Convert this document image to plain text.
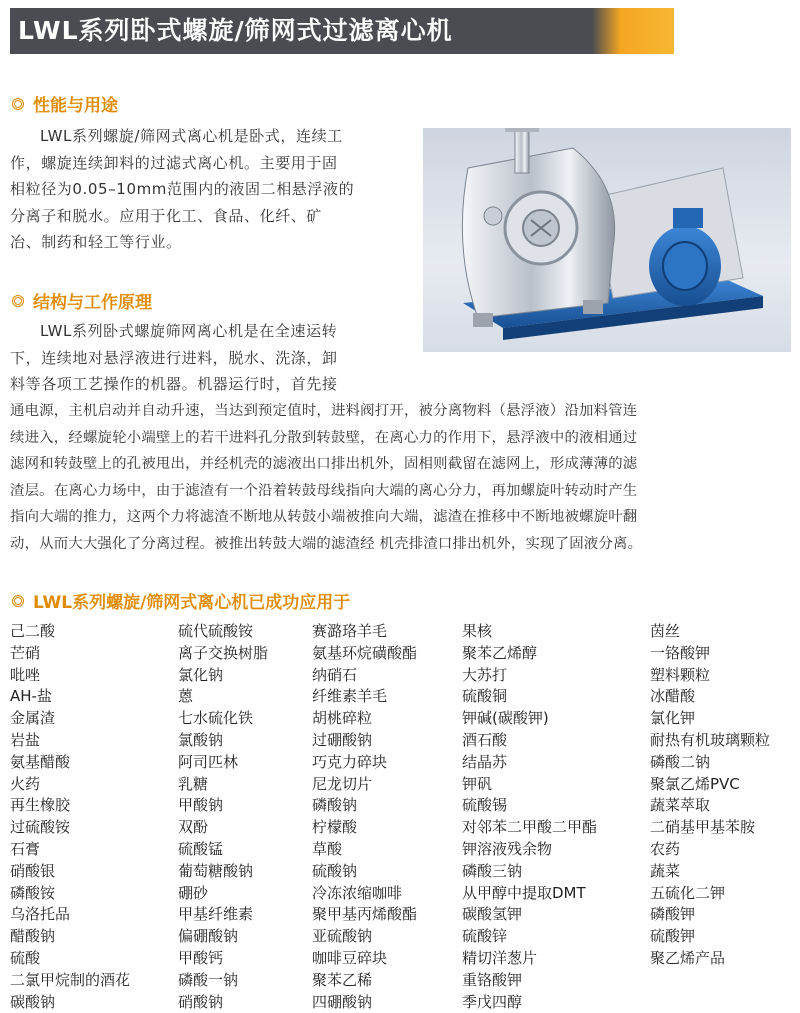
LWL系列卧式螺旋/筛网式过滤离心机
性能与用途

LWL系列螺旋/筛网式离心机是卧式，连续工

作，螺旋连续卸料的过滤式离心机。主要用于固

相粒径为0.05–10mm范围内的液固二相悬浮液的

分离子和脱水。应用于化工、食品、化纤、矿

冶、制药和轻工等行业。

结构与工作原理

LWL系列卧式螺旋筛网离心机是在全速运转

下，连续地对悬浮液进行进料，脱水、洗涤，卸

料等各项工艺操作的机器。机器运行时，首先接

通电源，主机启动并自动升速，当达到预定值时，进料阀打开，被分离物料（悬浮液）沿加料管连

续进入，经螺旋轮小端壁上的若干进料孔分散到转鼓壁，在离心力的作用下，悬浮液中的液相通过

滤网和转鼓壁上的孔被甩出，并经机壳的滤液出口排出机外，固相则截留在滤网上，形成薄薄的滤

渣层。在离心力场中，由于滤渣有一个沿着转鼓母线指向大端的离心分力，再加螺旋叶转动时产生

指向大端的推力，这两个力将滤渣不断地从转鼓小端被推向大端，滤渣在推移中不断地被螺旋叶翻

动，从而大大强化了分离过程。被推出转鼓大端的滤渣经 机壳排渣口排出机外，实现了固液分离。

LWL系列螺旋/筛网式离心机已成功应用于
己二酸
芒硝
吡唑
AH-盐
金属渣
岩盐
氨基醋酸
火药
再生橡胶
过硫酸铵
石膏
硝酸银
磷酸铵
乌洛托品
醋酸钠
硫酸
二氯甲烷制的酒花
碳酸钠
硫代硫酸铵
离子交换树脂
氯化钠
蒽
七水硫化铁
氯酸钠
阿司匹林
乳糖
甲酸钠
双酚
硫酸锰
葡萄糖酸钠
硼砂
甲基纤维素
偏硼酸钠
甲酸钙
磷酸一钠
硝酸钠
赛潞珞羊毛
氨基环烷磺酸酯
纳硝石
纤维素羊毛
胡桃碎粒
过硼酸钠
巧克力碎块
尼龙切片
磷酸钠
柠檬酸
草酸
硫酸钠
冷冻浓缩咖啡
聚甲基丙烯酸酯
亚硫酸钠
咖啡豆碎块
聚苯乙稀
四硼酸钠
果核
聚苯乙烯醇
大苏打
硫酸铜
钾碱(碳酸钾)
酒石酸
结晶苏
钾矾
硫酸锡
对邻苯二甲酸二甲酯
钾溶液残余物
磷酸三钠
从甲醇中提取DMT
碳酸氢钾
硫酸锌
精切洋葱片
重铬酸钾
季戊四醇
茵丝
一铬酸钾
塑料颗粒
冰醋酸
氯化钾
耐热有机玻璃颗粒
磷酸二钠
聚氯乙烯PVC
蔬菜萃取
二硝基甲基苯胺
农药
蔬菜
五硫化二钾
磷酸钾
硫酸钾
聚乙烯产品
